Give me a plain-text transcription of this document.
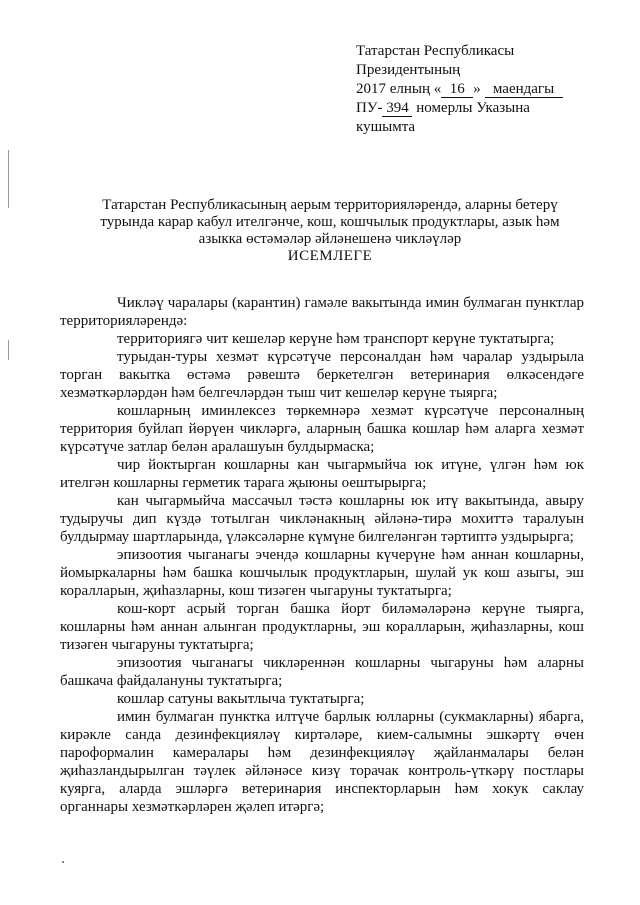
Татарстан Республикасы
Президентының
2017 елның « 16 » маендагы
ПУ- 394 номерлы Указына
кушымта
Татарстан Республикасының аерым территорияләрендә, аларны бетерү
турында карар кабул ителгәнче, кош, кошчылык продуктлары, азык һәм
азыкка өстәмәләр әйләнешенә чикләүләр
ИСЕМЛЕГЕ

Чикләү чаралары (карантин) гамәле вакытында имин булмаган пунктлар территорияләрендә:

территориягә чит кешеләр керүне һәм транспорт керүне туктатырга;

турыдан-туры хезмәт күрсәтүче персоналдан һәм чаралар уздырыла торган вакытка өстәмә рәвештә беркетелгән ветеринария өлкәсендәге хезмәткәрләрдән һәм белгечләрдән тыш чит кешеләр керүне тыярга;

кошларның иминлексез төркемнәрә хезмәт күрсәтүче персоналның территория буйлап йөрүен чикләргә, аларның башка кошлар һәм аларга хезмәт күрсәтүче затлар белән аралашуын булдырмаска;

чир йоктырган кошларны кан чыгармыйча юк итүне, үлгән һәм юк ителгән кошларны герметик тарага җыюны оештырырга;

кан чыгармыйча массачыл тәстә кошларны юк итү вакытында, авыру тудыручы дип күздә тотылган чикләнакның әйләнә-тирә мохиттә таралуын булдырмау шартларында, үләксәләрне күмүне билгеләнгән тәртиптә уздырырга;

эпизоотия чыганагы эчендә кошларны күчерүне һәм аннан кошларны, йомыркаларны һәм башка кошчылык продуктларын, шулай ук кош азыгы, эш коралларын, җиһазларны, кош тизәген чыгаруны туктатырга;

кош-корт асрый торган башка йорт биләмәләрәнә керүне тыярга, кошларны һәм аннан алынган продуктларны, эш коралларын, җиһазларны, кош тизәген чыгаруны туктатырга;

эпизоотия чыганагы чикләреннән кошларны чыгаруны һәм аларны башкача файдалануны туктатырга;

кошлар сатуны вакытлыча туктатырга;

имин булмаган пунктка илтүче барлык юлларны (сукмакларны) ябарга, кирәкле санда дезинфекцияләү киртәләре, кием-салымны эшкәртү өчен пароформалин камералары һәм дезинфекцияләү җайланмалары белән җиһазландырылган тәүлек әйләнәсе кизү торачак контроль-үткәрү постлары куярга, аларда эшләргә ветеринария инспекторларын һәм хокук саклау органнары хезмәткәрләрен җәлеп итәргә;
